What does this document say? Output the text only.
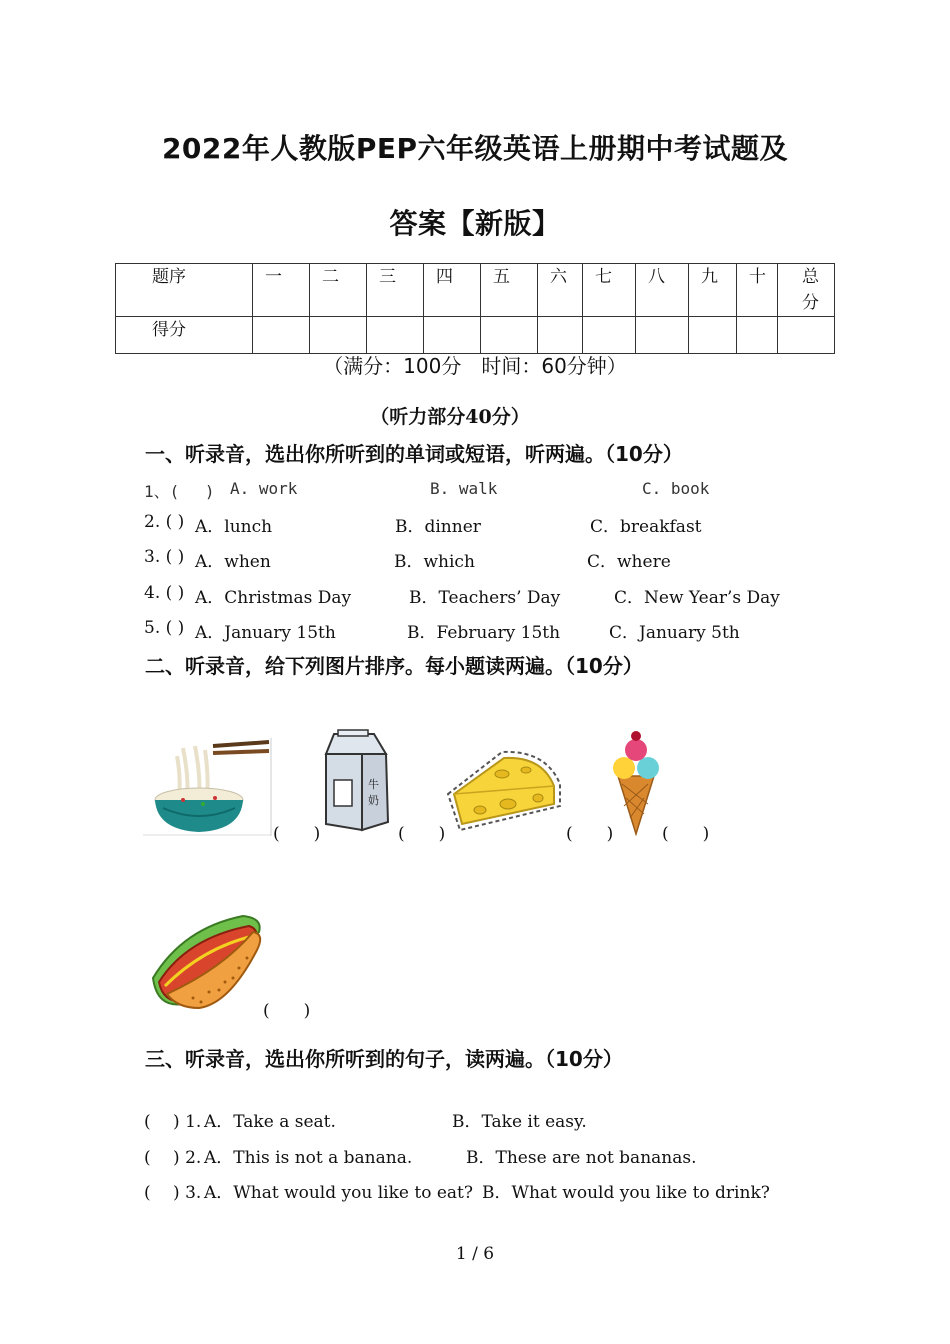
2022年人教版PEP六年级英语上册期中考试题及
答案【新版】
题序	一	二	三	四	五	六	七	八	九	十	总分
得分											
（满分：100分　时间：60分钟）
（听力部分40分）
一、听录音，选出你所听到的单词或短语，听两遍。（10分）
1、(　 ) A. work	B. walk	C. book
2. ( ) A．lunch	B．dinner	C．breakfast
3. ( ) A．when	B．which	C．where
4. ( ) A．Christmas Day	B．Teachers’ Day	C．New Year’s Day
5. ( ) A．January 15th	B．February 15th	C．January 5th
二、听录音，给下列图片排序。每小题读两遍。（10分）
(　　)
牛
奶
(　　)	(　　)	(　　)
(　　)
三、听录音，选出你所听到的句子，读两遍。（10分）
(　 ) 1. A．Take a seat.	B．Take it easy.
(　 ) 2. A．This is not a banana.	B．These are not bananas.
(　 ) 3. A．What would you like to eat? B．What would you like to drink?
1 / 6
